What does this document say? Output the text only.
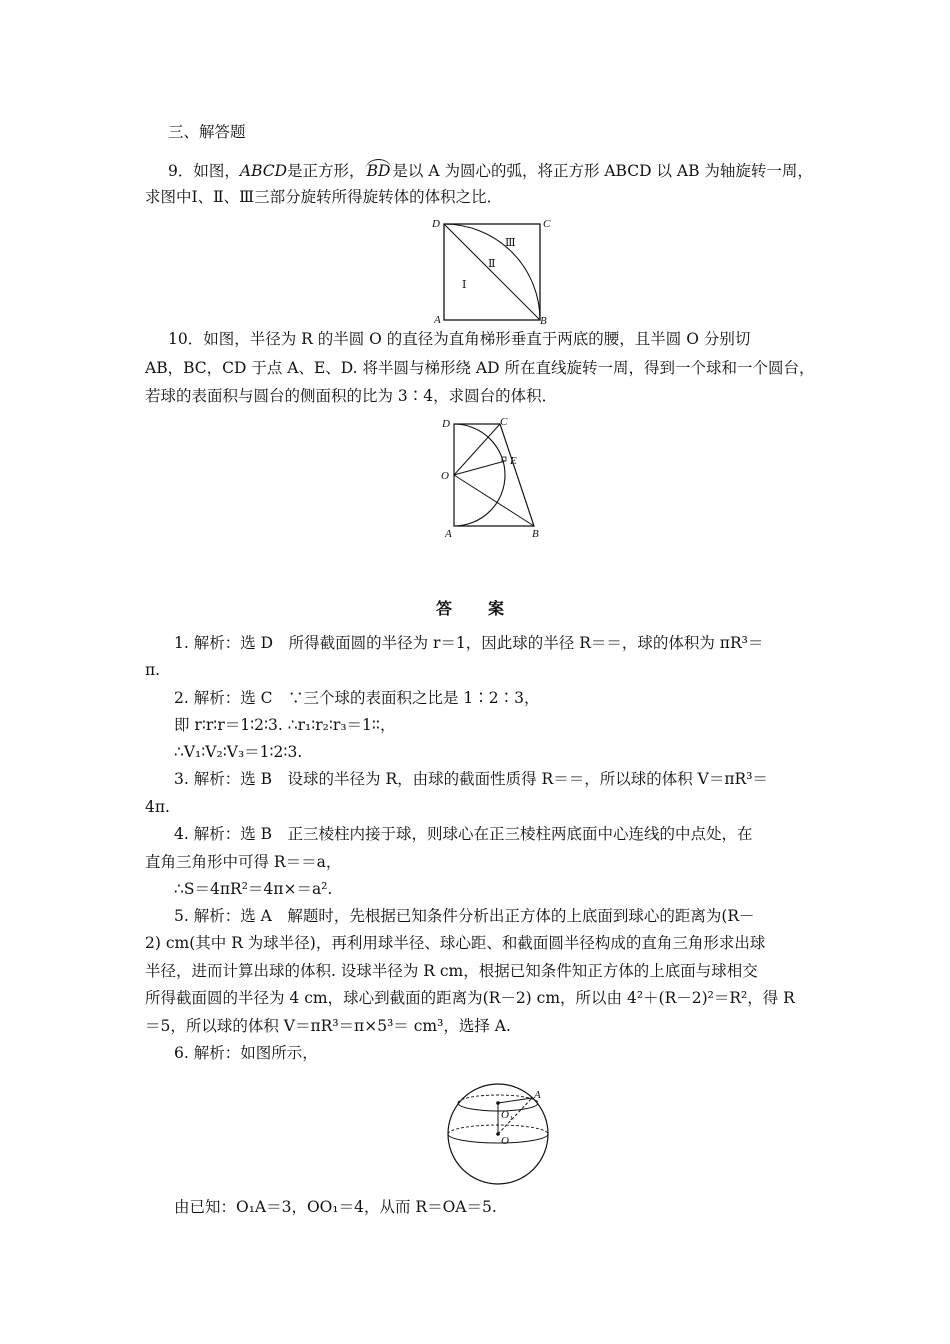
三、解答题
9．如图，ABCD是正方形， BD 是以 A 为圆心的弧，将正方形 ABCD 以 AB 为轴旋转一周，
求图中Ⅰ、Ⅱ、Ⅲ三部分旋转所得旋转体的体积之比．
D	C
A	B
Ⅰ
Ⅱ
Ⅲ
10．如图，半径为 R 的半圆 O 的直径为直角梯形垂直于两底的腰，且半圆 O 分别切
AB，BC，CD 于点 A、E、D. 将半圆与梯形绕 AD 所在直线旋转一周，得到一个球和一个圆台，
若球的表面积与圆台的侧面积的比为 3∶4，求圆台的体积．
D	C
E
O
A	B
答　案
1. 解析：选 D　所得截面圆的半径为 r＝1，因此球的半径 R＝＝，球的体积为 πR³＝
π.
2. 解析：选 C　∵三个球的表面积之比是 1∶2∶3，
即 r∶r∶r＝1∶2∶3. ∴r₁∶r₂∶r₃＝1∶∶，
∴V₁∶V₂∶V₃＝1∶2∶3.
3. 解析：选 B　设球的半径为 R，由球的截面性质得 R＝＝，所以球的体积 V＝πR³＝
4π.
4. 解析：选 B　正三棱柱内接于球，则球心在正三棱柱两底面中心连线的中点处，在
直角三角形中可得 R＝＝a，
∴S＝4πR²＝4π×＝a².
5. 解析：选 A　解题时，先根据已知条件分析出正方体的上底面到球心的距离为(R－
2) cm(其中 R 为球半径)，再利用球半径、球心距、和截面圆半径构成的直角三角形求出球
半径，进而计算出球的体积. 设球半径为 R cm，根据已知条件知正方体的上底面与球相交
所得截面圆的半径为 4 cm，球心到截面的距离为(R－2) cm，所以由 4²＋(R－2)²＝R²，得 R
＝5，所以球的体积 V＝πR³＝π×5³＝ cm³，选择 A.
6. 解析：如图所示，
A
O₁
O
由已知：O₁A＝3，OO₁＝4，从而 R＝OA＝5.
